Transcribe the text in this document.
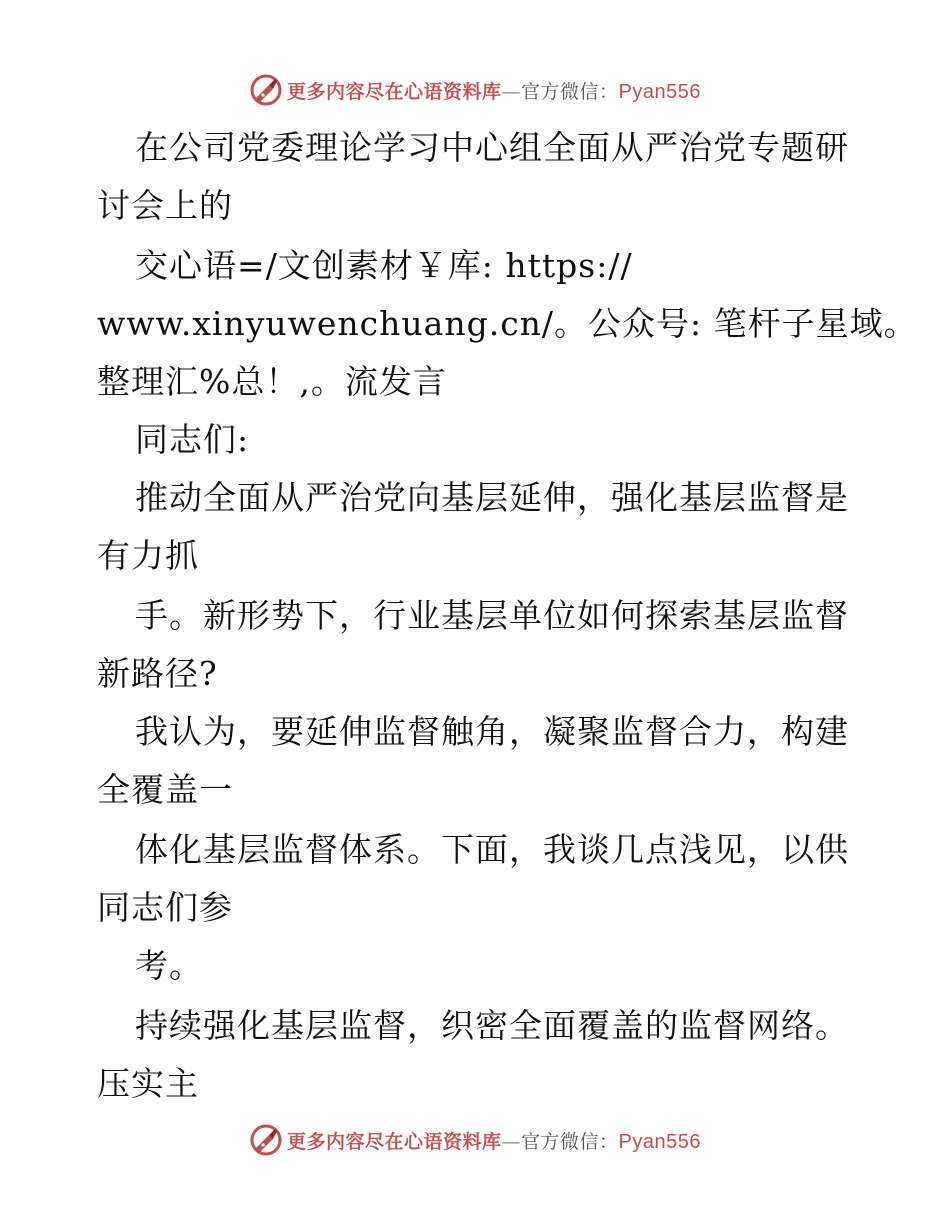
更多内容尽在心语资料库—官方微信：Pyan556
在公司党委理论学习中心组全面从严治党专题研
讨会上的
交心语=/文创素材￥库: https://
www.xinyuwenchuang.cn/。公众号: 笔杆子星域。
整理汇%总！,。流发言
同志们:
推动全面从严治党向基层延伸，强化基层监督是
有力抓
手。新形势下，行业基层单位如何探索基层监督
新路径?
我认为，要延伸监督触角，凝聚监督合力，构建
全覆盖一
体化基层监督体系。下面，我谈几点浅见，以供
同志们参
考。
持续强化基层监督，织密全面覆盖的监督网络。
压实主
更多内容尽在心语资料库—官方微信：Pyan556
